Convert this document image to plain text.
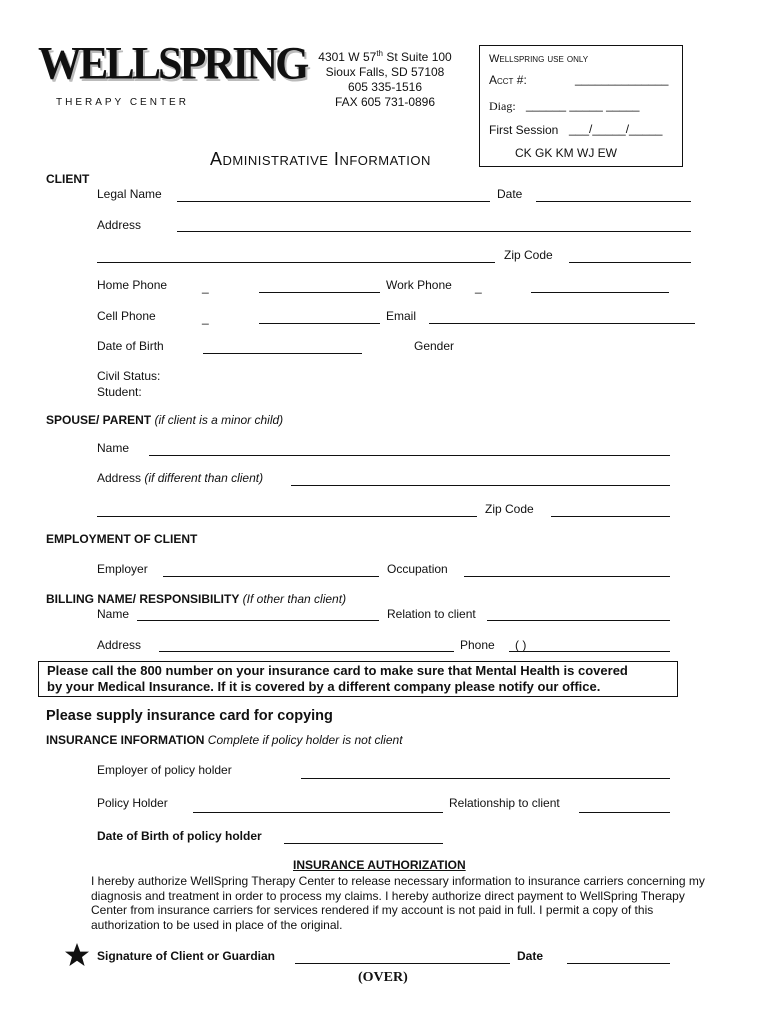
WELLSPRING
THERAPY CENTER
4301 W 57th St Suite 100
Sioux Falls, SD 57108
605 335-1516
FAX 605 731-0896
Wellspring use only
Acct #:	______________
Diag: ______ _____ _____
First Session ___/_____/_____
CK GK KM WJ EW
Administrative Information
CLIENT
Legal Name	Date
Address
Zip Code
Home Phone	_	Work Phone _
Cell Phone	_	Email
Date of Birth	Gender
Civil Status:
Student:
SPOUSE/ PARENT (if client is a minor child)
Name
Address (if different than client)
Zip Code
EMPLOYMENT OF CLIENT
Employer	Occupation
BILLING NAME/ RESPONSIBILITY (If other than client)
Name	Relation to client
Address	Phone ( )
Please call the 800 number on your insurance card to make sure that Mental Health is covered
by your Medical Insurance. If it is covered by a different company please notify our office.
Please supply insurance card for copying
INSURANCE INFORMATION Complete if policy holder is not client
Employer of policy holder
Policy Holder	Relationship to client
Date of Birth of policy holder
INSURANCE AUTHORIZATION
I hereby authorize WellSpring Therapy Center to release necessary information to insurance carriers concerning my diagnosis and treatment in order to process my claims. I hereby authorize direct payment to WellSpring Therapy Center from insurance carriers for services rendered if my account is not paid in full. I permit a copy of this authorization to be used in place of the original.
Signature of Client or Guardian	Date
(OVER)
